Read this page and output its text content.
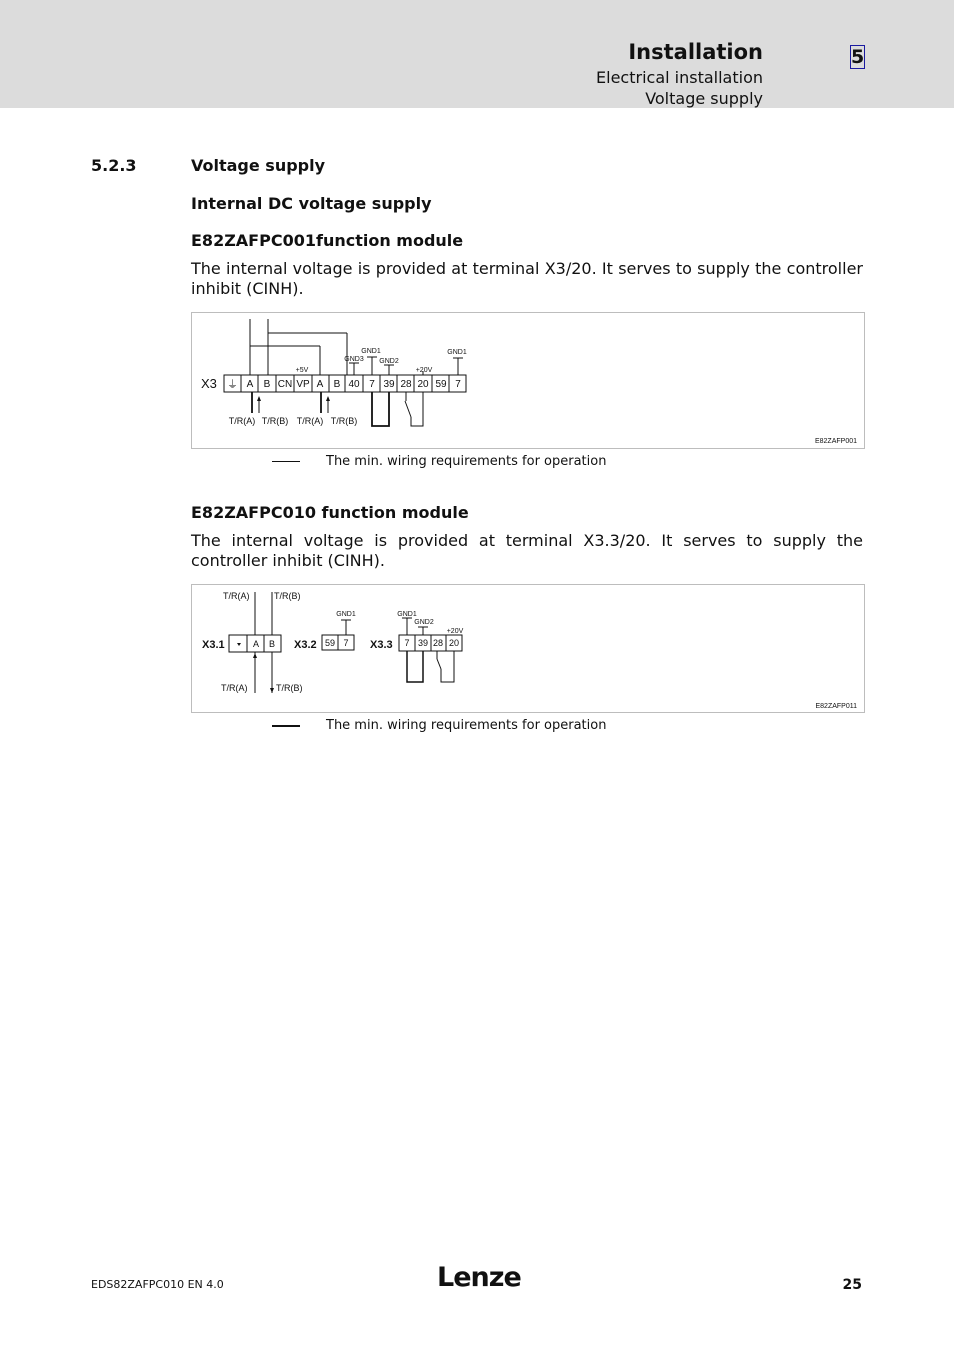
Installation
Electrical installation
Voltage supply
5
5.2.3	Voltage supply
Internal DC voltage supply
E82ZAFPC001function module
The internal voltage is provided at terminal X3/20. It serves to supply the controller inhibit (CINH).
X3 ⏚ A B CN VP A B 40 7 39 28 20 59 7
+5V
GND3
GND1
GND2
+20V
GND1
T/R(A) T/R(B) T/R(A) T/R(B)
E82ZAFP001
The min. wiring requirements for operation
E82ZAFPC010 function module
The internal voltage is provided at terminal X3.3/20. It serves to supply the controller inhibit (CINH).
X3.1	X3.2	X3.3
A B	59 7	7 39 28 20
T/R(A)	T/R(B)
T/R(A)	T/R(B)
GND1	GND1
GND2
+20V
E82ZAFP011
The min. wiring requirements for operation
EDS82ZAFPC010 EN 4.0	Lenze	25
